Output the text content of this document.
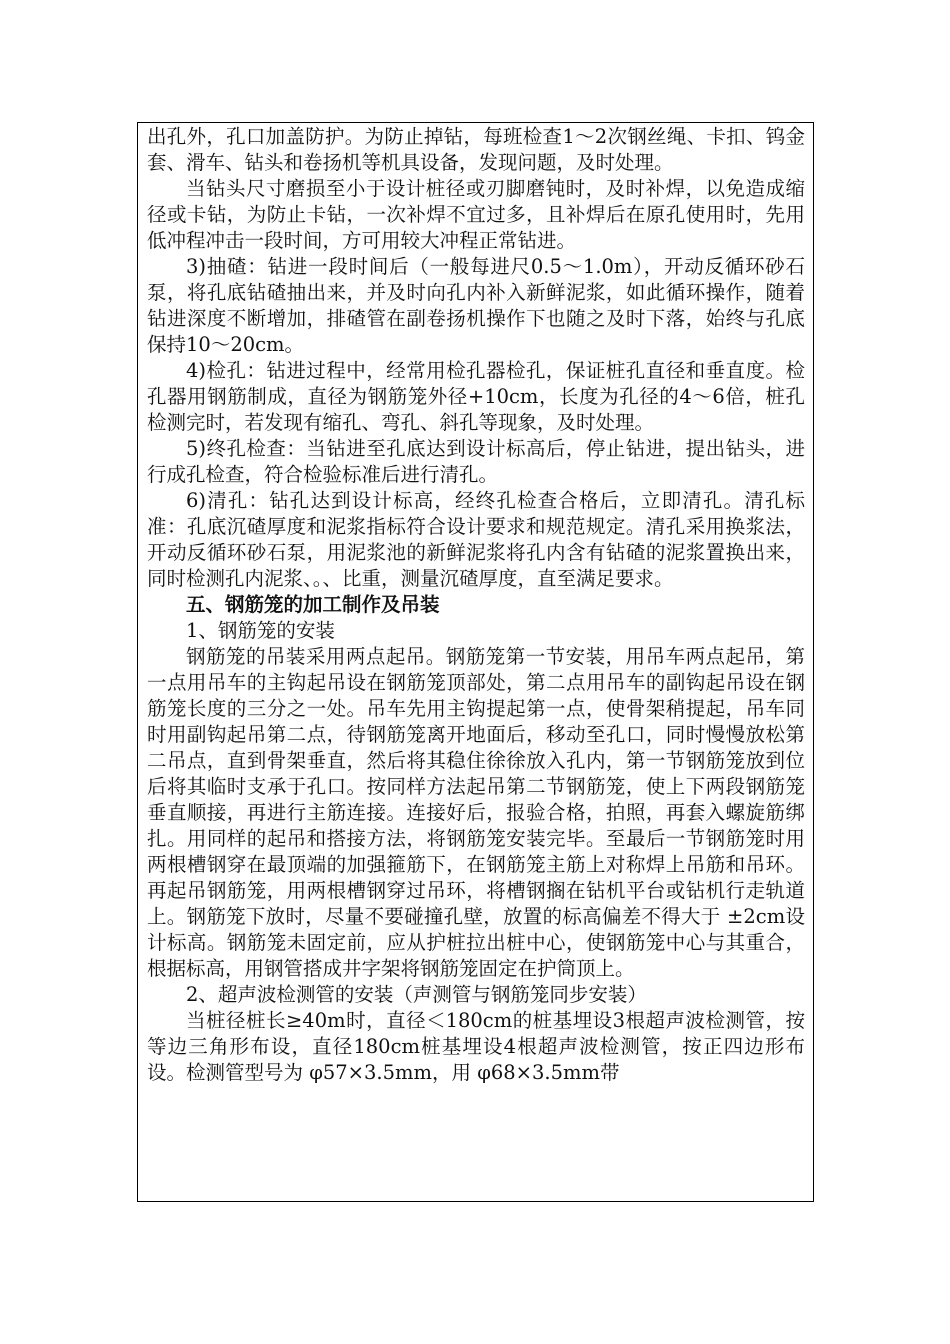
出孔外，孔口加盖防护。为防止掉钻，每班检查1～2次钢丝绳、卡扣、钨金套、滑车、钻头和卷扬机等机具设备，发现问题，及时处理。

当钻头尺寸磨损至小于设计桩径或刃脚磨钝时，及时补焊，以免造成缩径或卡钻，为防止卡钻，一次补焊不宜过多，且补焊后在原孔使用时，先用低冲程冲击一段时间，方可用较大冲程正常钻进。

3)抽碴：钻进一段时间后（一般每进尺0.5～1.0m），开动反循环砂石泵，将孔底钻碴抽出来，并及时向孔内补入新鲜泥浆，如此循环操作，随着钻进深度不断增加，排碴管在副卷扬机操作下也随之及时下落，始终与孔底保持10～20cm。

4)检孔：钻进过程中，经常用检孔器检孔，保证桩孔直径和垂直度。检孔器用钢筋制成，直径为钢筋笼外径+10cm，长度为孔径的4～6倍，桩孔检测完时，若发现有缩孔、弯孔、斜孔等现象，及时处理。

5)终孔检查：当钻进至孔底达到设计标高后，停止钻进，提出钻头，进行成孔检查，符合检验标准后进行清孔。

6)清孔：钻孔达到设计标高，经终孔检查合格后，立即清孔。清孔标准：孔底沉碴厚度和泥浆指标符合设计要求和规范规定。清孔采用换浆法，开动反循环砂石泵，用泥浆池的新鲜泥浆将孔内含有钻碴的泥浆置换出来，同时检测孔内泥浆、。、比重，测量沉碴厚度，直至满足要求。

五、钢筋笼的加工制作及吊装

1、钢筋笼的安装

钢筋笼的吊装采用两点起吊。钢筋笼第一节安装，用吊车两点起吊，第一点用吊车的主钩起吊设在钢筋笼顶部处，第二点用吊车的副钩起吊设在钢筋笼长度的三分之一处。吊车先用主钩提起第一点，使骨架稍提起，吊车同时用副钩起吊第二点，待钢筋笼离开地面后，移动至孔口，同时慢慢放松第二吊点，直到骨架垂直，然后将其稳住徐徐放入孔内，第一节钢筋笼放到位后将其临时支承于孔口。按同样方法起吊第二节钢筋笼，使上下两段钢筋笼垂直顺接，再进行主筋连接。连接好后，报验合格，拍照，再套入螺旋筋绑扎。用同样的起吊和搭接方法，将钢筋笼安装完毕。至最后一节钢筋笼时用两根槽钢穿在最顶端的加强箍筋下，在钢筋笼主筋上对称焊上吊筋和吊环。再起吊钢筋笼，用两根槽钢穿过吊环，将槽钢搁在钻机平台或钻机行走轨道上。钢筋笼下放时，尽量不要碰撞孔壁，放置的标高偏差不得大于 ±2cm设计标高。钢筋笼未固定前，应从护桩拉出桩中心，使钢筋笼中心与其重合，根据标高，用钢管搭成井字架将钢筋笼固定在护筒顶上。

2、超声波检测管的安装（声测管与钢筋笼同步安装）

当桩径桩长≥40m时，直径＜180cm的桩基埋设3根超声波检测管，按等边三角形布设，直径180cm桩基埋设4根超声波检测管，按正四边形布设。检测管型号为 φ57×3.5mm，用 φ68×3.5mm带
